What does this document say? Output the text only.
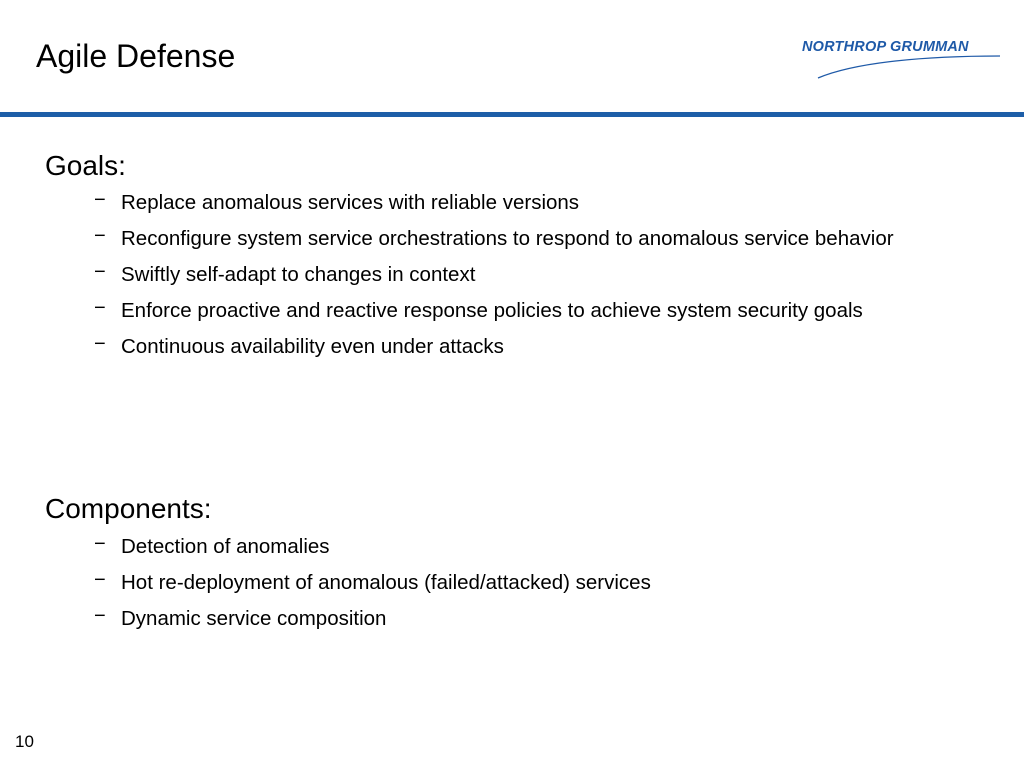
Agile Defense	NORTHROP GRUMMAN
Goals:
− Replace anomalous services with reliable versions
− Reconfigure system service orchestrations to respond to anomalous service behavior
− Swiftly self-adapt to changes in context
− Enforce proactive and reactive response policies to achieve system security goals
− Continuous availability even under attacks
Components:
− Detection of anomalies
− Hot re-deployment of anomalous (failed/attacked) services
− Dynamic service composition
10
